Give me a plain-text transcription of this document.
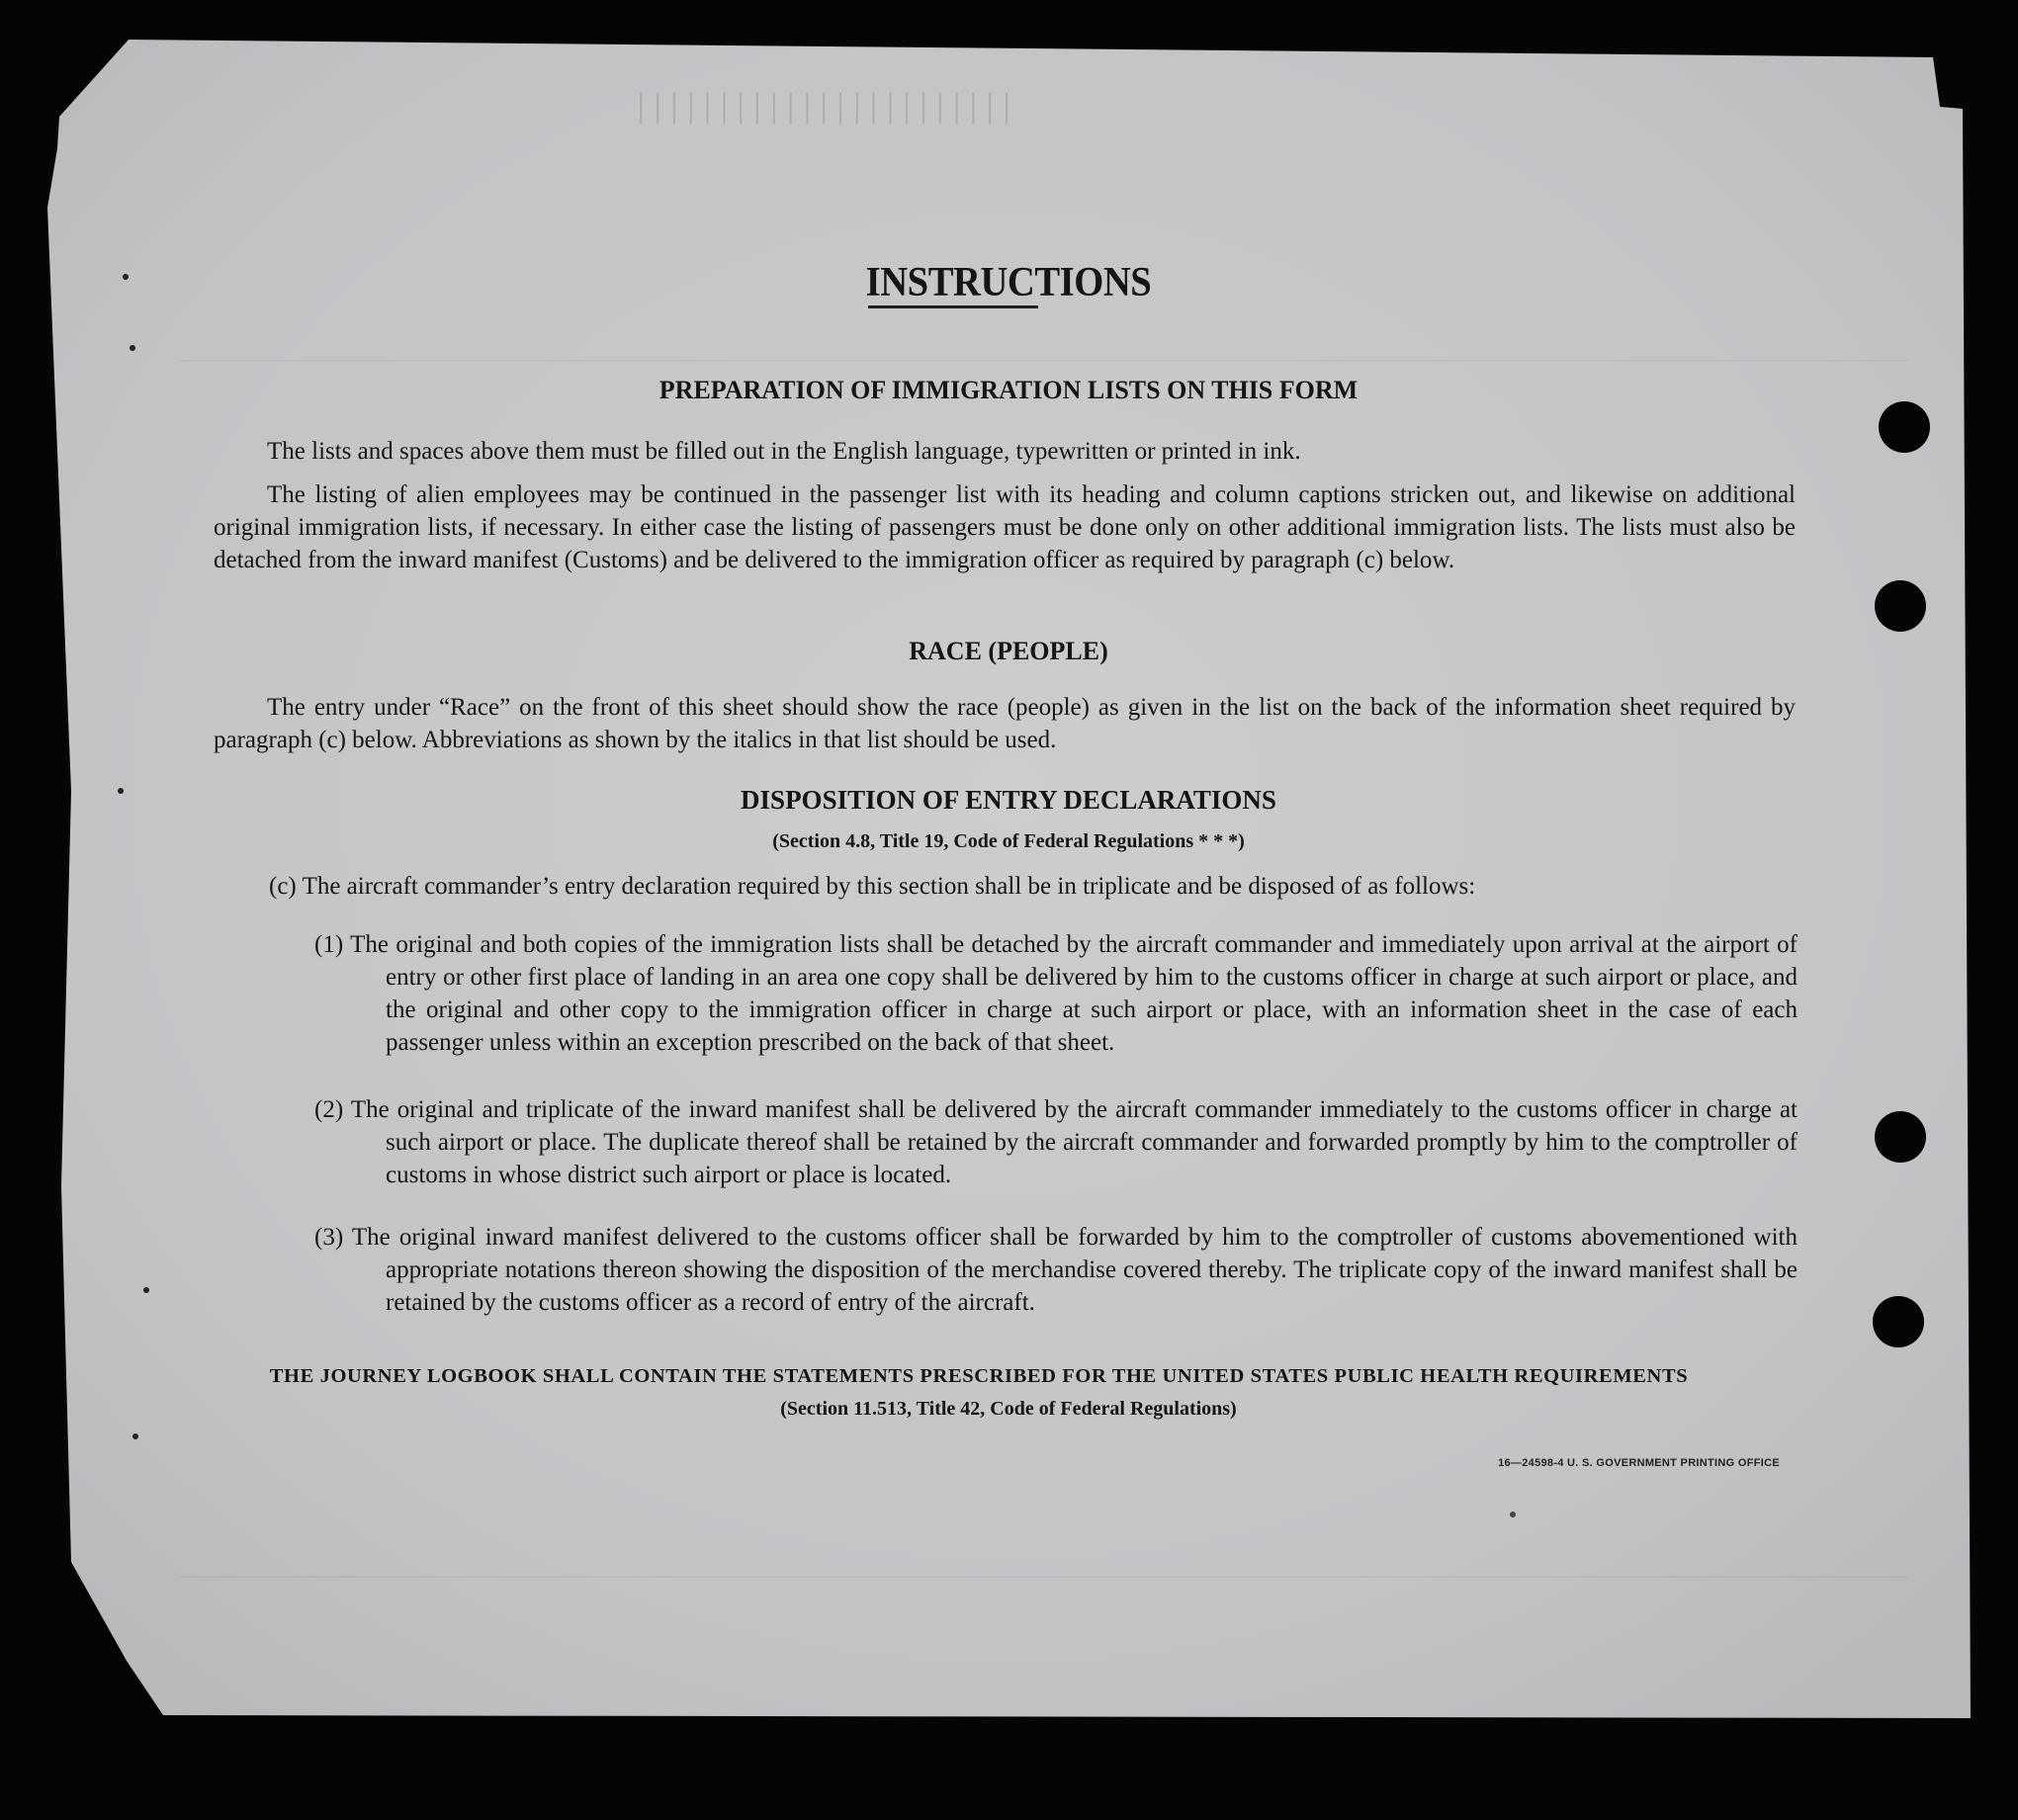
│││││││││││││││││││││││
INSTRUCTIONS
PREPARATION OF IMMIGRATION LISTS ON THIS FORM
The lists and spaces above them must be filled out in the English language, typewritten or printed in ink.
The listing of alien employees may be continued in the passenger list with its heading and column captions stricken out, and likewise on additional original immigration lists, if necessary. In either case the listing of passengers must be done only on other additional immigration lists. The lists must also be detached from the inward manifest (Customs) and be delivered to the immigration officer as required by paragraph (c) below.
RACE (PEOPLE)
The entry under “Race” on the front of this sheet should show the race (people) as given in the list on the back of the information sheet required by paragraph (c) below. Abbreviations as shown by the italics in that list should be used.
DISPOSITION OF ENTRY DECLARATIONS
(Section 4.8, Title 19, Code of Federal Regulations * * *)
(c) The aircraft commander’s entry declaration required by this section shall be in triplicate and be disposed of as follows:
(1) The original and both copies of the immigration lists shall be detached by the aircraft commander and immediately upon arrival at the airport of entry or other first place of landing in an area one copy shall be delivered by him to the customs officer in charge at such airport or place, and the original and other copy to the immigration officer in charge at such airport or place, with an information sheet in the case of each passenger unless within an exception prescribed on the back of that sheet.
(2) The original and triplicate of the inward manifest shall be delivered by the aircraft commander immediately to the customs officer in charge at such airport or place. The duplicate thereof shall be retained by the aircraft commander and forwarded promptly by him to the comptroller of customs in whose district such airport or place is located.
(3) The original inward manifest delivered to the customs officer shall be forwarded by him to the comptroller of customs abovementioned with appropriate notations thereon showing the disposition of the merchandise covered thereby. The triplicate copy of the inward manifest shall be retained by the customs officer as a record of entry of the aircraft.
THE JOURNEY LOGBOOK SHALL CONTAIN THE STATEMENTS PRESCRIBED FOR THE UNITED STATES PUBLIC HEALTH REQUIREMENTS
(Section 11.513, Title 42, Code of Federal Regulations)
16—24598-4 U. S. GOVERNMENT PRINTING OFFICE
